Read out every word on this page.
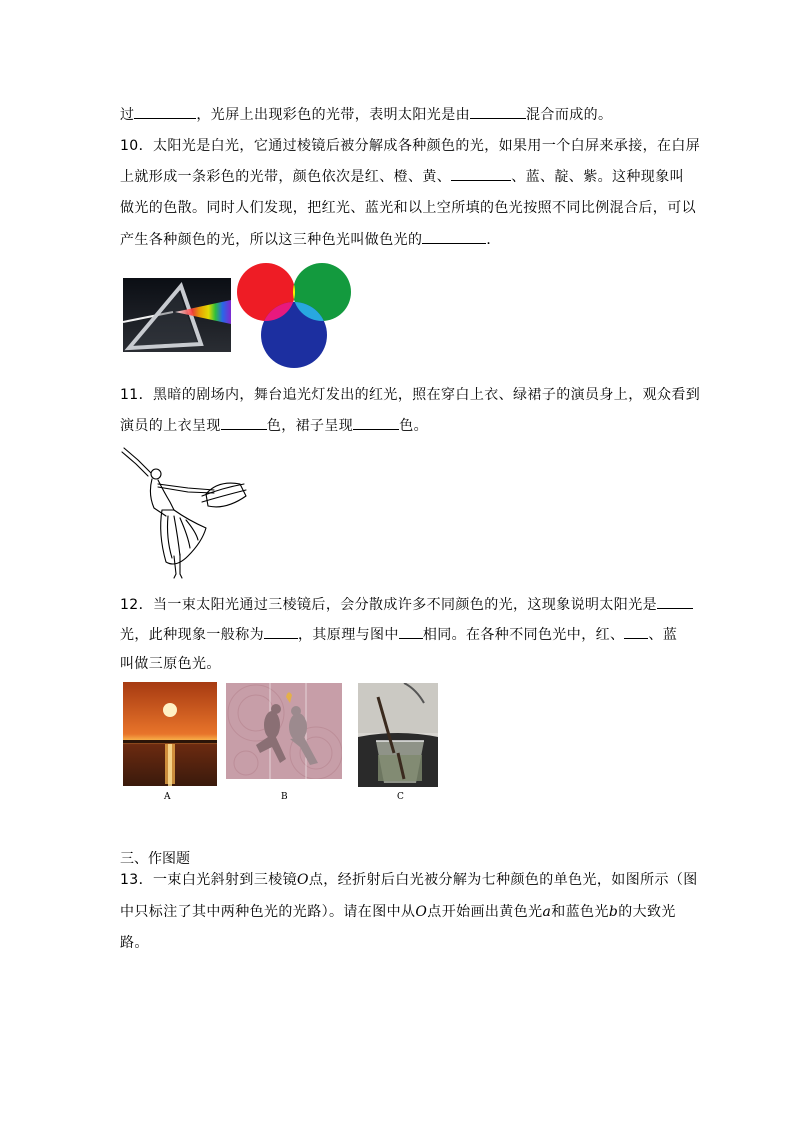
过	，光屏上出现彩色的光带，表明太阳光是由	混合而成的。
10．太阳光是白光，它通过棱镜后被分解成各种颜色的光，如果用一个白屏来承接，在白屏
上就形成一条彩色的光带，颜色依次是红、橙、黄、	、蓝、靛、紫。这种现象叫
做光的色散。同时人们发现，把红光、蓝光和以上空所填的色光按照不同比例混合后，可以
产生各种颜色的光，所以这三种色光叫做色光的	．
11．黑暗的剧场内，舞台追光灯发出的红光，照在穿白上衣、绿裙子的演员身上，观众看到
演员的上衣呈现	色，裙子呈现	色。
12．当一束太阳光通过三棱镜后，会分散成许多不同颜色的光，这现象说明太阳光是
光，此种现象一般称为 ，其原理与图中 相同。在各种不同色光中，红、 、蓝
叫做三原色光。
A	B	C
三、作图题
13．一束白光斜射到三棱镜O点，经折射后白光被分解为七种颜色的单色光，如图所示（图
中只标注了其中两种色光的光路）。请在图中从O点开始画出黄色光a和蓝色光b的大致光
路。
